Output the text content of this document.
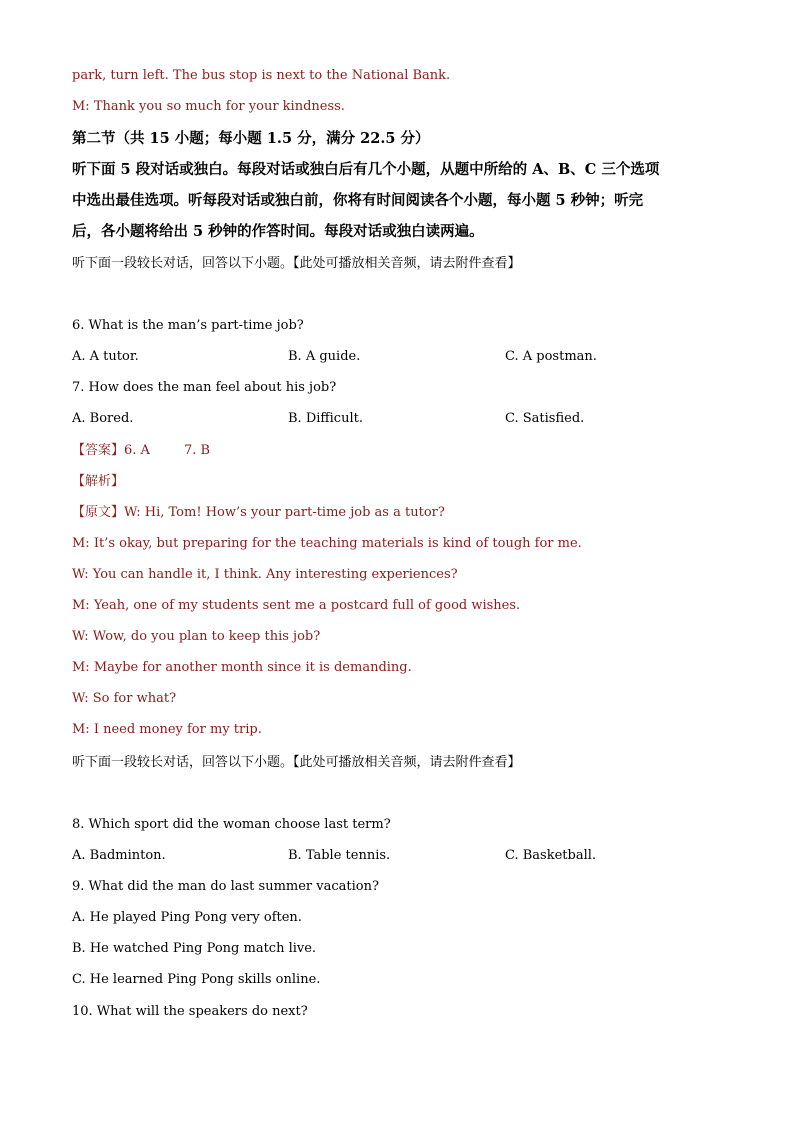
park, turn left. The bus stop is next to the National Bank.

M: Thank you so much for your kindness.

第二节（共 15 小题；每小题 1.5 分，满分 22.5 分）

听下面 5 段对话或独白。每段对话或独白后有几个小题，从题中所给的 A、B、C 三个选项

中选出最佳选项。听每段对话或独白前，你将有时间阅读各个小题，每小题 5 秒钟；听完

后，各小题将给出 5 秒钟的作答时间。每段对话或独白读两遍。

听下面一段较长对话，回答以下小题。【此处可播放相关音频，请去附件查看】

6. What is the man’s part-time job?

A. A tutor.	B. A guide.	C. A postman.

7. How does the man feel about his job?

A. Bored.	B. Difficult.	C. Satisfied.

【答案】6. A	7. B

【解析】

【原文】W: Hi, Tom! How’s your part-time job as a tutor?

M: It’s okay, but preparing for the teaching materials is kind of tough for me.

W: You can handle it, I think. Any interesting experiences?

M: Yeah, one of my students sent me a postcard full of good wishes.

W: Wow, do you plan to keep this job?

M: Maybe for another month since it is demanding.

W: So for what?

M: I need money for my trip.

听下面一段较长对话，回答以下小题。【此处可播放相关音频，请去附件查看】

8. Which sport did the woman choose last term?

A. Badminton.	B. Table tennis.	C. Basketball.

9. What did the man do last summer vacation?

A. He played Ping Pong very often.

B. He watched Ping Pong match live.

C. He learned Ping Pong skills online.

10. What will the speakers do next?
